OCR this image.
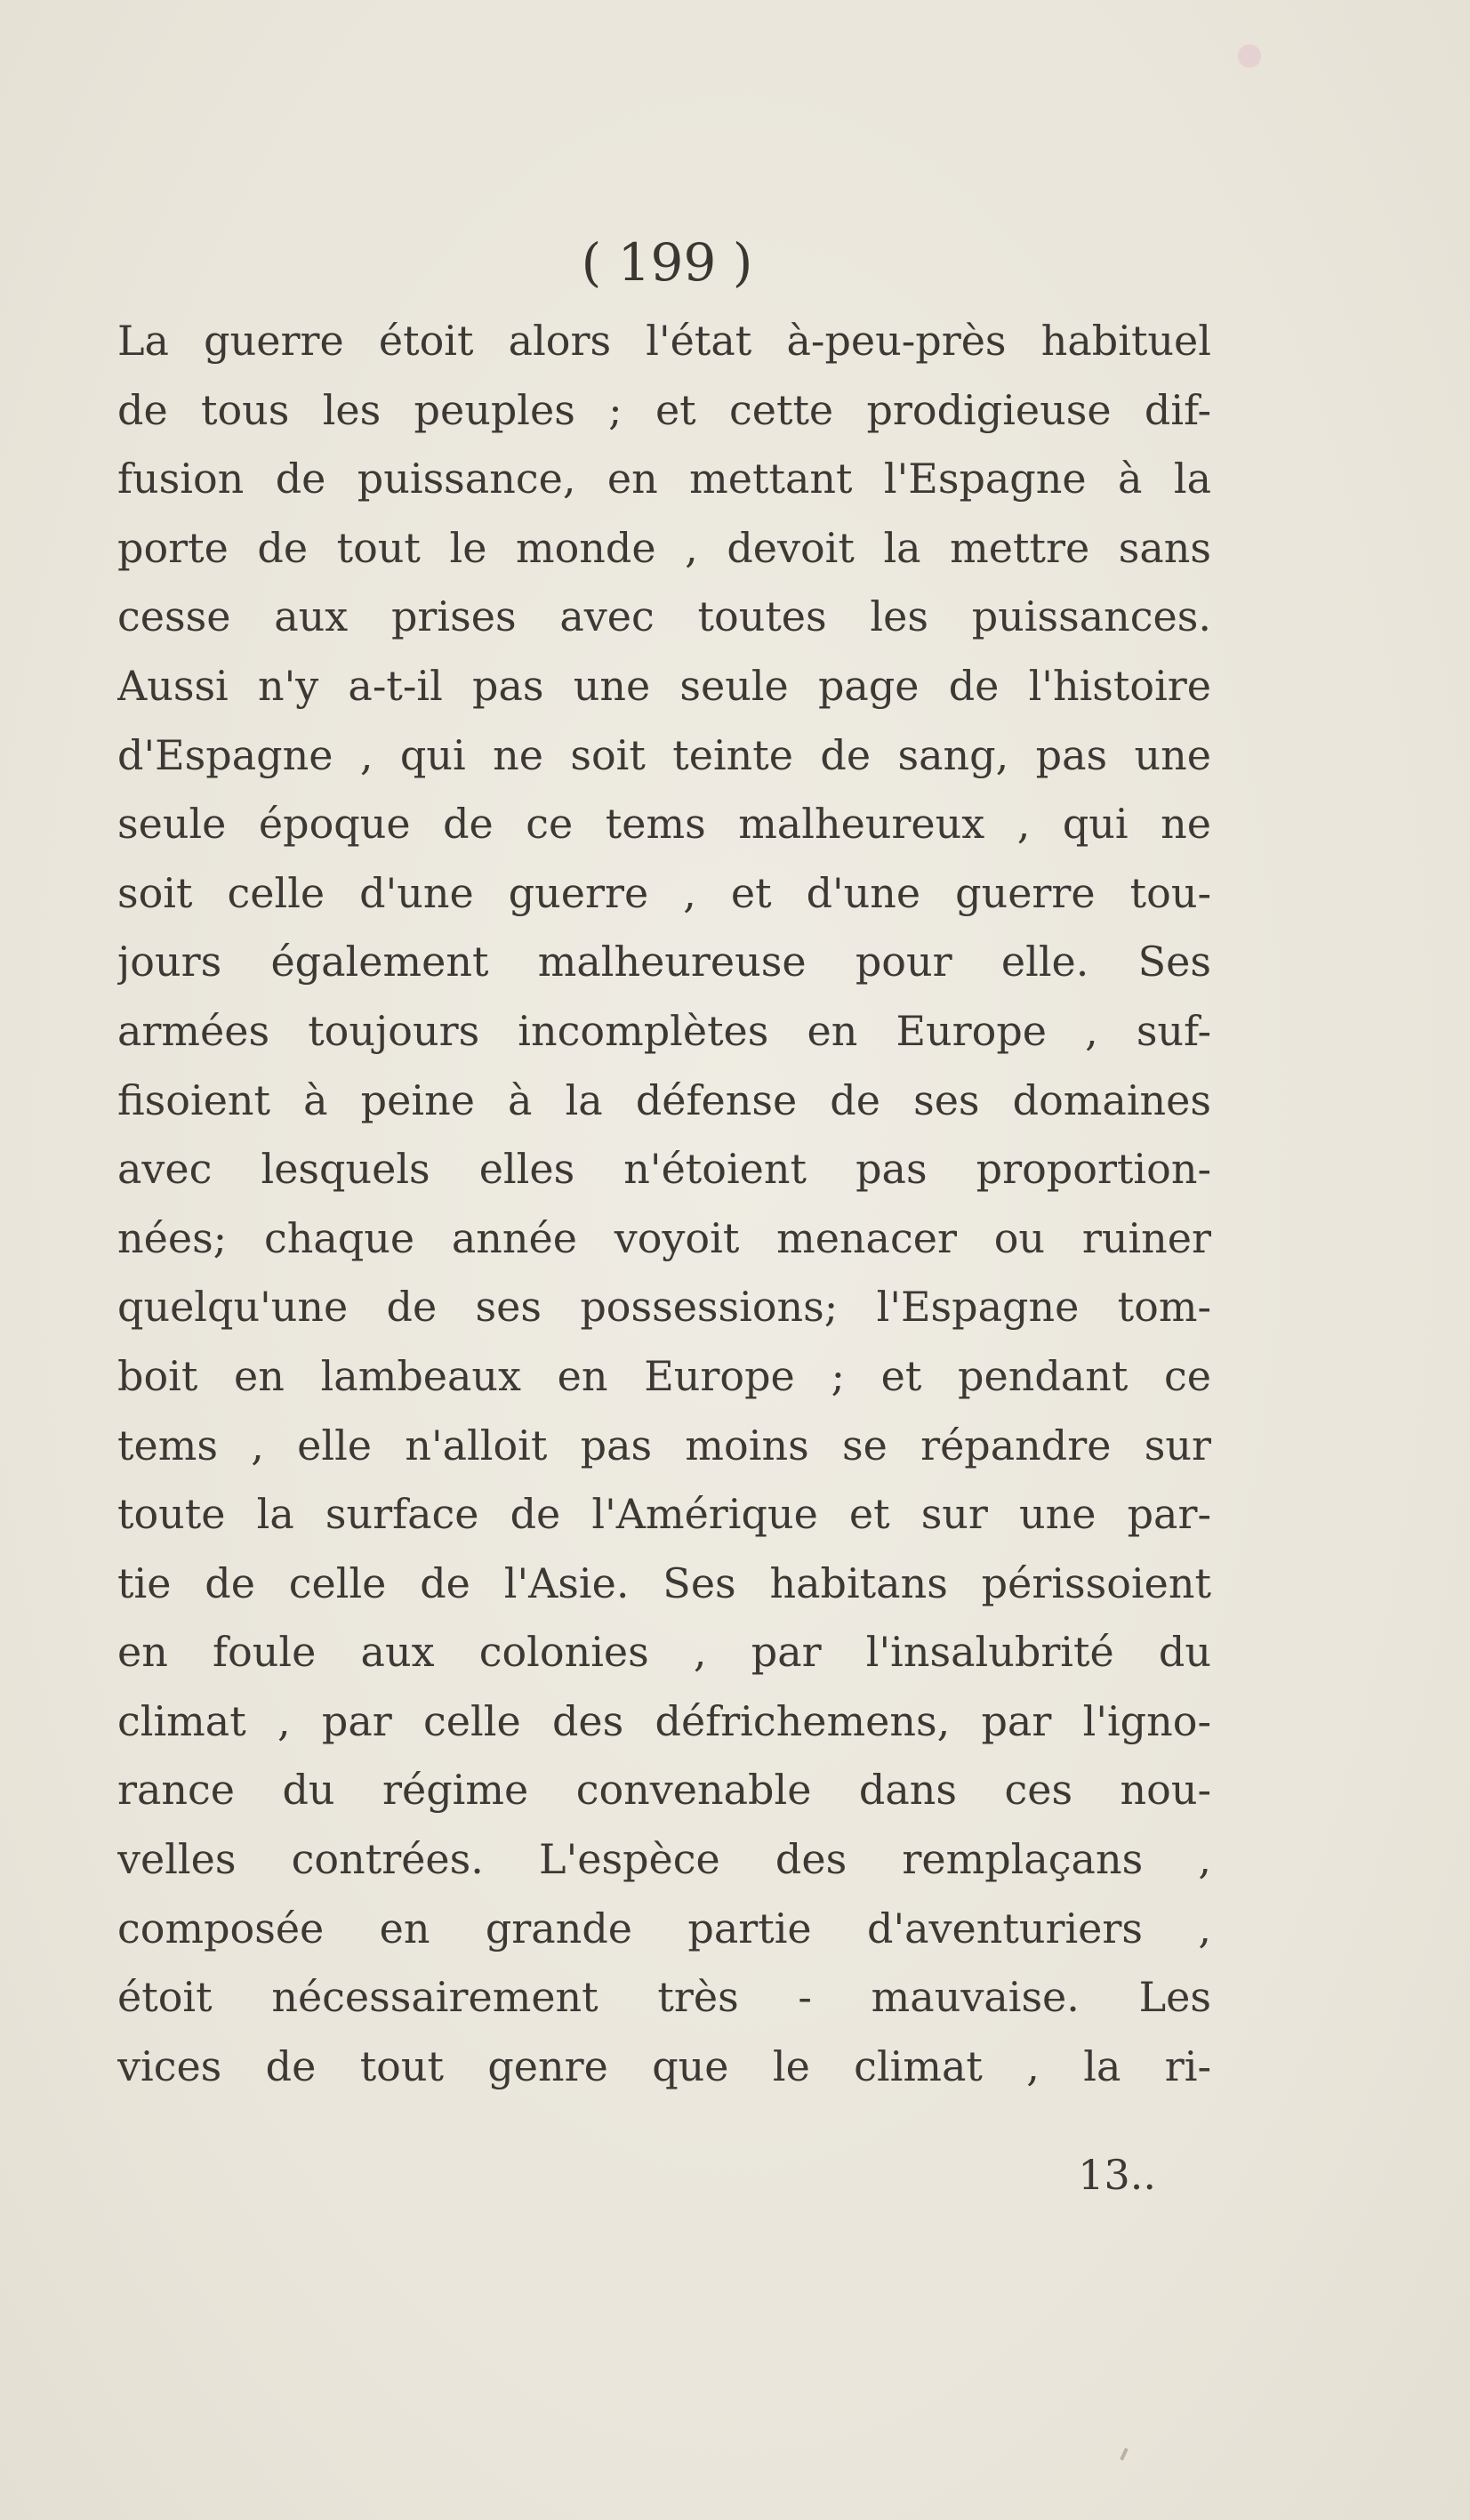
( 199 )
La guerre étoit alors l'état à-peu-près habituel
de tous les peuples ; et cette prodigieuse dif-
fusion de puissance, en mettant l'Espagne à la
porte de tout le monde , devoit la mettre sans
cesse aux prises avec toutes les puissances.
Aussi n'y a-t-il pas une seule page de l'histoire
d'Espagne , qui ne soit teinte de sang, pas une
seule époque de ce tems malheureux , qui ne
soit celle d'une guerre , et d'une guerre tou-
jours également malheureuse pour elle. Ses
armées toujours incomplètes en Europe , suf-
fisoient à peine à la défense de ses domaines
avec lesquels elles n'étoient pas proportion-
nées; chaque année voyoit menacer ou ruiner
quelqu'une de ses possessions; l'Espagne tom-
boit en lambeaux en Europe ; et pendant ce
tems , elle n'alloit pas moins se répandre sur
toute la surface de l'Amérique et sur une par-
tie de celle de l'Asie. Ses habitans périssoient
en foule aux colonies , par l'insalubrité du
climat , par celle des défrichemens, par l'igno-
rance du régime convenable dans ces nou-
velles contrées. L'espèce des remplaçans ,
composée en grande partie d'aventuriers ,
étoit nécessairement très - mauvaise. Les
vices de tout genre que le climat , la ri-
13..
